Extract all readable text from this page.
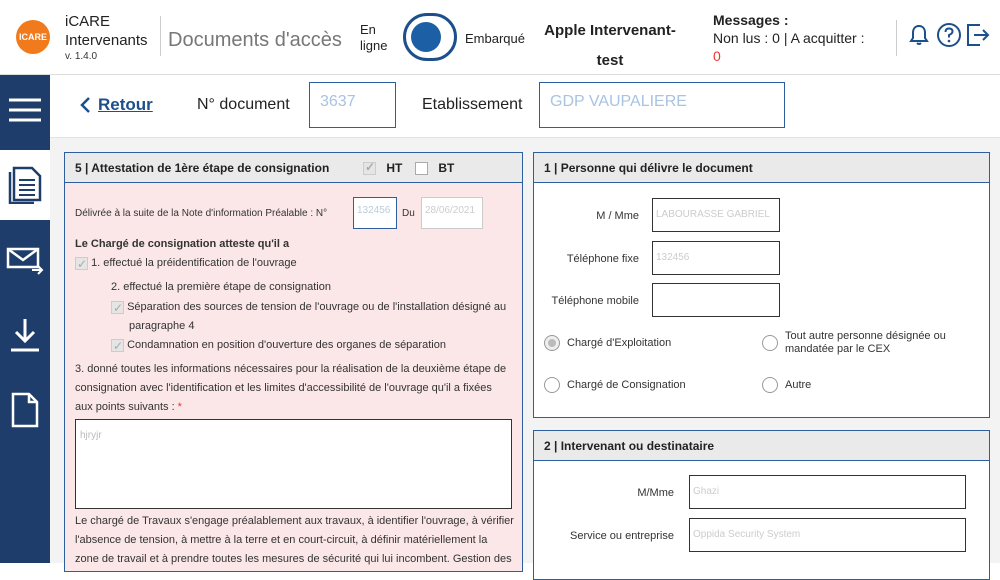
ICARE
iCARE
Intervenants
v. 1.4.0
Documents d'accès En
ligne	Embarqué	Apple Intervenant-
test
Messages :
Non lus : 0 | A acquitter :
0
Retour	N° document	3637	Etablissement	GDP VAUPALIERE
5 | Attestation de 1ère étape de consignation
✓	HT	BT
Délivrée à la suite de la Note d'information Préalable : N°	132456	Du	28/06/2021
Le Chargé de consignation atteste qu'il a
✓ 1. effectué la préidentification de l'ouvrage
2. effectué la première étape de consignation
✓ Séparation des sources de tension de l'ouvrage ou de l'installation désigné au
paragraphe 4
✓ Condamnation en position d'ouverture des organes de séparation
3. donné toutes les informations nécessaires pour la réalisation de la deuxième étape de
consignation avec l'identification et les limites d'accessibilité de l'ouvrage qu'il a fixées
aux points suivants : *
hjryjr
Le chargé de Travaux s'engage préalablement aux travaux, à identifier l'ouvrage, à vérifier
l'absence de tension, à mettre à la terre et en court-circuit, à définir matériellement la
zone de travail et à prendre toutes les mesures de sécurité qui lui incombent. Gestion des
1 | Personne qui délivre le document
M / Mme	LABOURASSE GABRIEL
Téléphone fixe	132456
Téléphone mobile
Chargé d'Exploitation
Tout autre personne désignée ou
mandatée par le CEX
Chargé de Consignation	Autre
2 | Intervenant ou destinataire
M/Mme	Ghazi
Service ou entreprise	Oppida Security System
